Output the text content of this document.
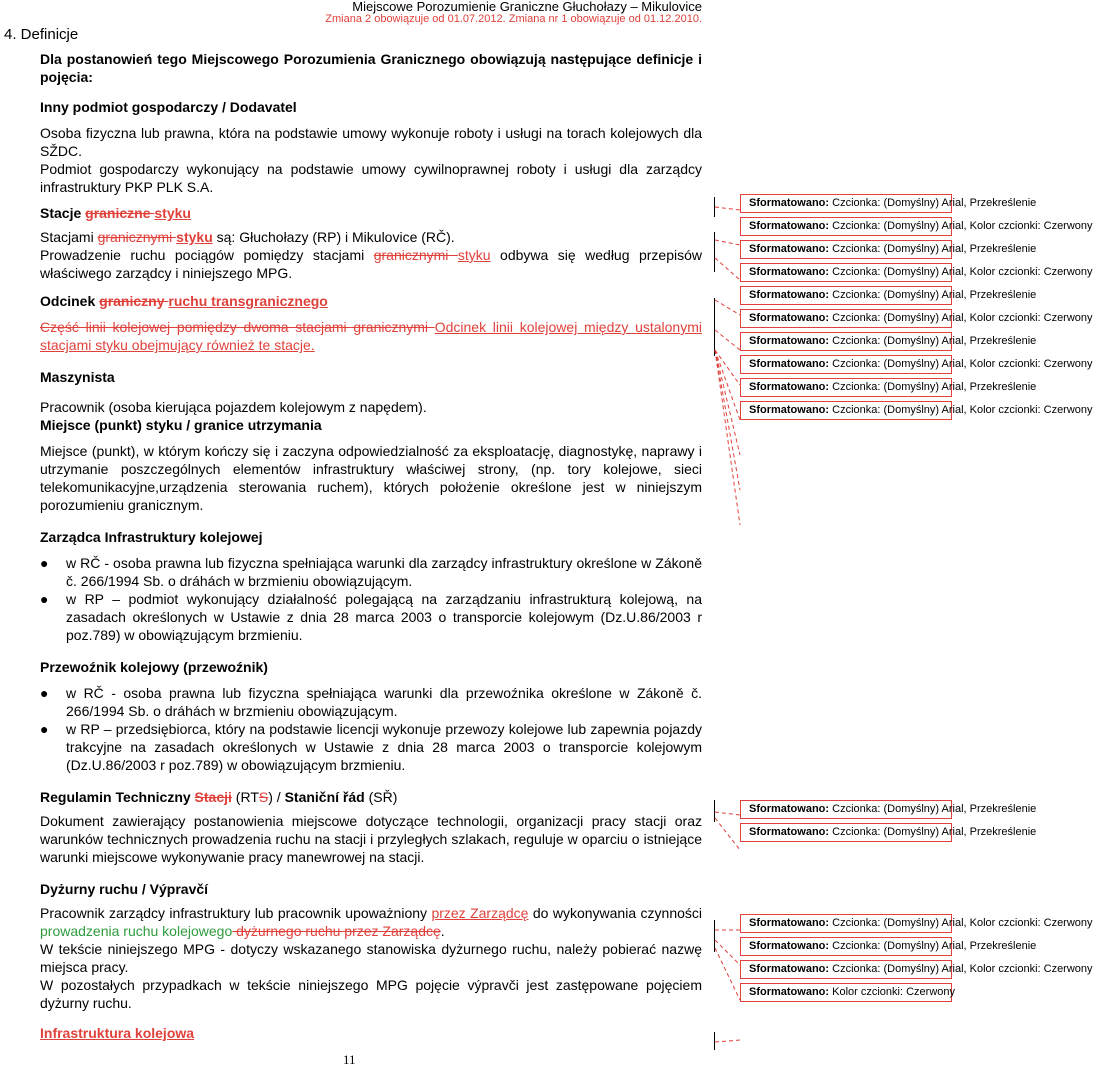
Miejscowe Porozumienie Graniczne Głuchołazy – Mikulovice
Zmiana 2 obowiązuje od 01.07.2012. Zmiana nr 1 obowiązuje od 01.12.2010.
4. Definicje

Dla postanowień tego Miejscowego Porozumienia Granicznego obowiązują następujące definicje i pojęcia:

Inny podmiot gospodarczy / Dodavatel

Osoba fizyczna lub prawna, która na podstawie umowy wykonuje roboty i usługi na torach kolejowych dla SŽDC.

Podmiot gospodarczy wykonujący na podstawie umowy cywilnoprawnej roboty i usługi dla zarządcy infrastruktury PKP PLK S.A.

Stacje graniczne styku

Stacjami granicznymi styku są: Głuchołazy (RP) i Mikulovice (RČ).

Prowadzenie ruchu pociągów pomiędzy stacjami granicznymi styku odbywa się według przepisów właściwego zarządcy i niniejszego MPG.

Odcinek graniczny ruchu transgranicznego

Część linii kolejowej pomiędzy dwoma stacjami granicznymi Odcinek linii kolejowej między ustalonymi stacjami styku obejmujący również te stacje.

Maszynista

Pracownik (osoba kierująca pojazdem kolejowym z napędem).

Miejsce (punkt) styku / granice utrzymania

Miejsce (punkt), w którym kończy się i zaczyna odpowiedzialność za eksploatację, diagnostykę, naprawy i utrzymanie poszczególnych elementów infrastruktury właściwej strony, (np. tory kolejowe, sieci telekomunikacyjne,urządzenia sterowania ruchem), których położenie określone jest w niniejszym porozumieniu granicznym.

Zarządca Infrastruktury kolejowej

● w RČ - osoba prawna lub fizyczna spełniająca warunki dla zarządcy infrastruktury określone w Zákoně č. 266/1994 Sb. o dráhách w brzmieniu obowiązującym.
● w RP – podmiot wykonujący działalność polegającą na zarządzaniu infrastrukturą kolejową, na zasadach określonych w Ustawie z dnia 28 marca 2003 o transporcie kolejowym (Dz.U.86/2003 r poz.789) w obowiązującym brzmieniu.

Przewoźnik kolejowy (przewoźnik)

● w RČ - osoba prawna lub fizyczna spełniająca warunki dla przewoźnika określone w Zákoně č. 266/1994 Sb. o dráhách w brzmieniu obowiązującym.
● w RP – przedsiębiorca, który na podstawie licencji wykonuje przewozy kolejowe lub zapewnia pojazdy trakcyjne na zasadach określonych w Ustawie z dnia 28 marca 2003 o transporcie kolejowym (Dz.U.86/2003 r poz.789) w obowiązującym brzmieniu.

Regulamin Techniczny Stacji (RTS) / Staniční řád (SŘ)

Dokument zawierający postanowienia miejscowe dotyczące technologii, organizacji pracy stacji oraz warunków technicznych prowadzenia ruchu na stacji i przyległych szlakach, reguluje w oparciu o istniejące warunki miejscowe wykonywanie pracy manewrowej na stacji.

Dyżurny ruchu / Výpravčí

Pracownik zarządcy infrastruktury lub pracownik upoważniony przez Zarządcę do wykonywania czynności prowadzenia ruchu kolejowego dyżurnego ruchu przez Zarządcę.

W tekście niniejszego MPG - dotyczy wskazanego stanowiska dyżurnego ruchu, należy pobierać nazwę miejsca pracy.

W pozostałych przypadkach w tekście niniejszego MPG pojęcie výpravči jest zastępowane pojęciem dyżurny ruchu.

Infrastruktura kolejowa

11
Sformatowano: Czcionka: (Domyślny) Arial, Przekreślenie
Sformatowano: Czcionka: (Domyślny) Arial, Kolor czcionki: Czerwony
Sformatowano: Czcionka: (Domyślny) Arial, Przekreślenie
Sformatowano: Czcionka: (Domyślny) Arial, Kolor czcionki: Czerwony
Sformatowano: Czcionka: (Domyślny) Arial, Przekreślenie
Sformatowano: Czcionka: (Domyślny) Arial, Kolor czcionki: Czerwony
Sformatowano: Czcionka: (Domyślny) Arial, Przekreślenie
Sformatowano: Czcionka: (Domyślny) Arial, Kolor czcionki: Czerwony
Sformatowano: Czcionka: (Domyślny) Arial, Przekreślenie
Sformatowano: Czcionka: (Domyślny) Arial, Kolor czcionki: Czerwony
Sformatowano: Czcionka: (Domyślny) Arial, Przekreślenie
Sformatowano: Czcionka: (Domyślny) Arial, Przekreślenie
Sformatowano: Czcionka: (Domyślny) Arial, Kolor czcionki: Czerwony
Sformatowano: Czcionka: (Domyślny) Arial, Przekreślenie
Sformatowano: Czcionka: (Domyślny) Arial, Kolor czcionki: Czerwony
Sformatowano: Kolor czcionki: Czerwony
